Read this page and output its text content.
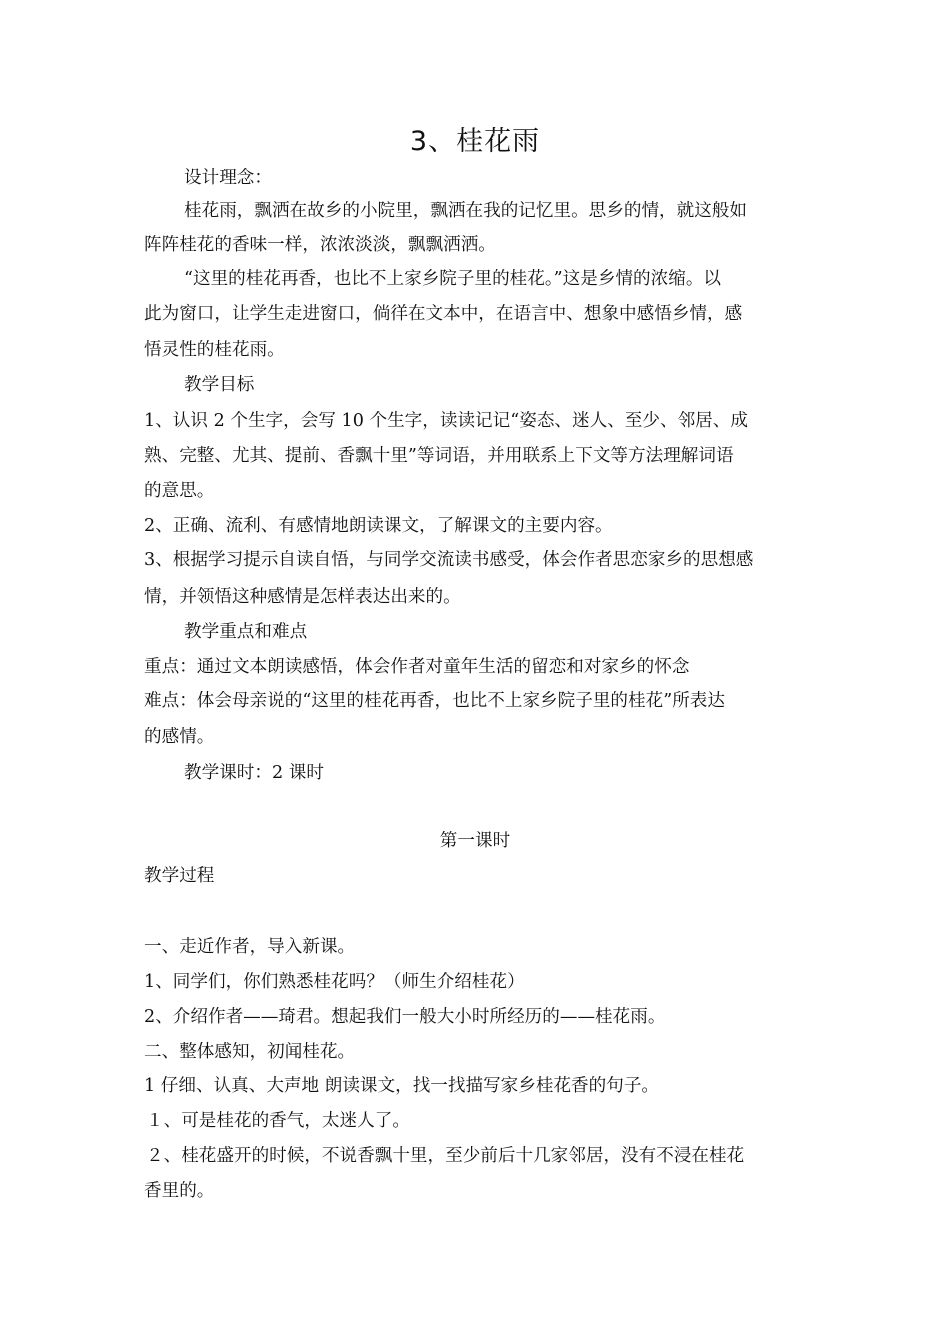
3、桂花雨
设计理念：
桂花雨，飘洒在故乡的小院里，飘洒在我的记忆里。思乡的情，就这般如
阵阵桂花的香味一样，浓浓淡淡，飘飘洒洒。
“这里的桂花再香，也比不上家乡院子里的桂花。”这是乡情的浓缩。以
此为窗口，让学生走进窗口，倘徉在文本中，在语言中、想象中感悟乡情，感
悟灵性的桂花雨。
教学目标
1、认识 2 个生字，会写 10 个生字，读读记记“姿态、迷人、至少、邻居、成
熟、完整、尤其、提前、香飘十里”等词语，并用联系上下文等方法理解词语
的意思。
2、正确、流利、有感情地朗读课文，了解课文的主要内容。
3、根据学习提示自读自悟，与同学交流读书感受，体会作者思恋家乡的思想感
情，并领悟这种感情是怎样表达出来的。
教学重点和难点
重点：通过文本朗读感悟，体会作者对童年生活的留恋和对家乡的怀念
难点：体会母亲说的“这里的桂花再香，也比不上家乡院子里的桂花”所表达
的感情。
教学课时：2 课时
第一课时
教学过程
一、走近作者，导入新课。
1、同学们，你们熟悉桂花吗？（师生介绍桂花）
2、介绍作者——琦君。想起我们一般大小时所经历的——桂花雨。
二、整体感知，初闻桂花。
1 仔细、认真、大声地 朗读课文，找一找描写家乡桂花香的句子。
１、可是桂花的香气，太迷人了。
２、桂花盛开的时候，不说香飘十里，至少前后十几家邻居，没有不浸在桂花
香里的。
